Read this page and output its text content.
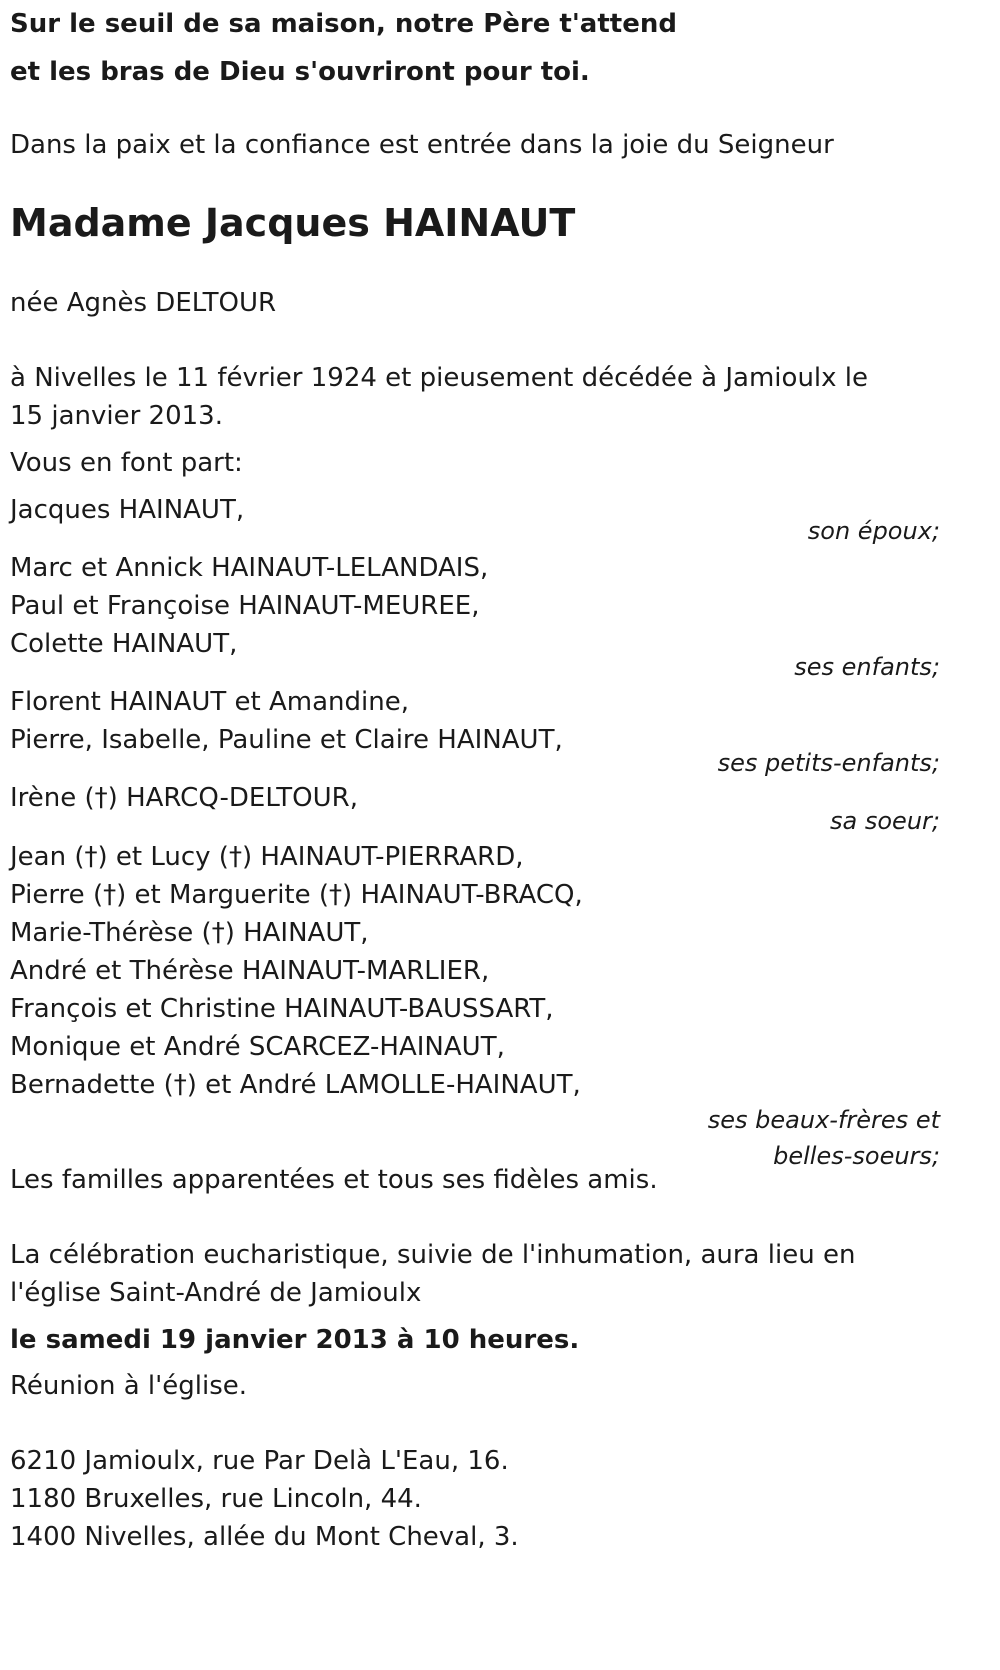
Sur le seuil de sa maison, notre Père t'attend

et les bras de Dieu s'ouvriront pour toi.

Dans la paix et la confiance est entrée dans la joie du Seigneur

Madame Jacques HAINAUT

née Agnès DELTOUR

à Nivelles le 11 février 1924 et pieusement décédée à Jamioulx le 15 janvier 2013.

Vous en font part:

Jacques HAINAUT,

son époux;

Marc et Annick HAINAUT-LELANDAIS,

Paul et Françoise HAINAUT-MEUREE,

Colette HAINAUT,

ses enfants;

Florent HAINAUT et Amandine,

Pierre, Isabelle, Pauline et Claire HAINAUT,

ses petits-enfants;

Irène (†) HARCQ-DELTOUR,

sa soeur;

Jean (†) et Lucy (†) HAINAUT-PIERRARD,

Pierre (†) et Marguerite (†) HAINAUT-BRACQ,

Marie-Thérèse (†) HAINAUT,

André et Thérèse HAINAUT-MARLIER,

François et Christine HAINAUT-BAUSSART,

Monique et André SCARCEZ-HAINAUT,

Bernadette (†) et André LAMOLLE-HAINAUT,

ses beaux-frères et

belles-soeurs;

Les familles apparentées et tous ses fidèles amis.

La célébration eucharistique, suivie de l'inhumation, aura lieu en l'église Saint-André de Jamioulx

le samedi 19 janvier 2013 à 10 heures.

Réunion à l'église.

6210 Jamioulx, rue Par Delà L'Eau, 16.

1180 Bruxelles, rue Lincoln, 44.

1400 Nivelles, allée du Mont Cheval, 3.
